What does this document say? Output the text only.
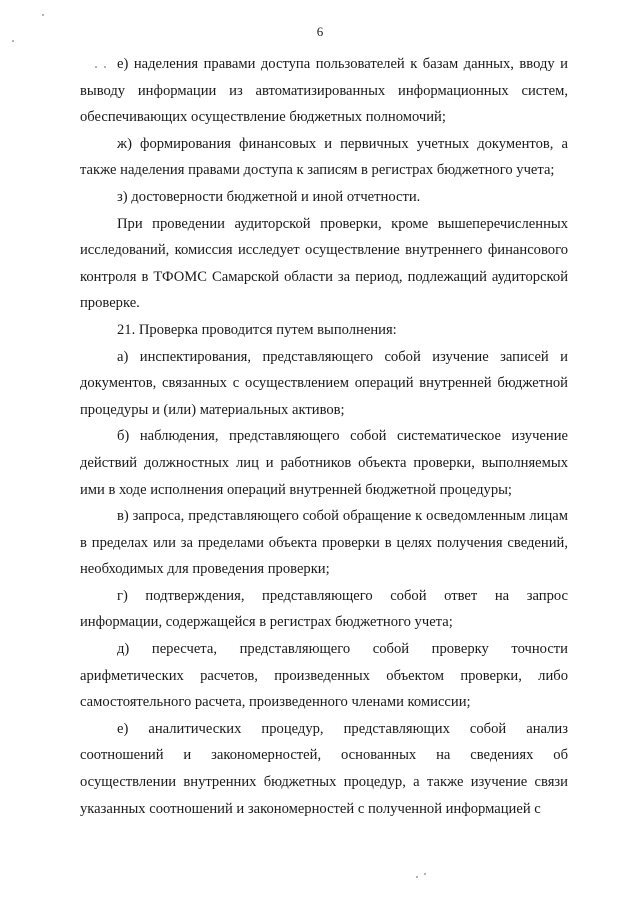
6

е) наделения правами доступа пользователей к базам данных, вводу и выводу информации из автоматизированных информационных систем, обеспечивающих осуществление бюджетных полномочий;

ж) формирования финансовых и первичных учетных документов, а также наделения правами доступа к записям в регистрах бюджетного учета;

з) достоверности бюджетной и иной отчетности.

При проведении аудиторской проверки, кроме вышеперечисленных исследований, комиссия исследует осуществление внутреннего финансового контроля в ТФОМС Самарской области за период, подлежащий аудиторской проверке.

21. Проверка проводится путем выполнения:

а) инспектирования, представляющего собой изучение записей и документов, связанных с осуществлением операций внутренней бюджетной процедуры и (или) материальных активов;

б) наблюдения, представляющего собой систематическое изучение действий должностных лиц и работников объекта проверки, выполняемых ими в ходе исполнения операций внутренней бюджетной процедуры;

в) запроса, представляющего собой обращение к осведомленным лицам в пределах или за пределами объекта проверки в целях получения сведений, необходимых для проведения проверки;

г) подтверждения, представляющего собой ответ на запрос информации, содержащейся в регистрах бюджетного учета;

д) пересчета, представляющего собой проверку точности арифметических расчетов, произведенных объектом проверки, либо самостоятельного расчета, произведенного членами комиссии;

е) аналитических процедур, представляющих собой анализ соотношений и закономерностей, основанных на сведениях об осуществлении внутренних бюджетных процедур, а также изучение связи указанных соотношений и закономерностей с полученной информацией с
